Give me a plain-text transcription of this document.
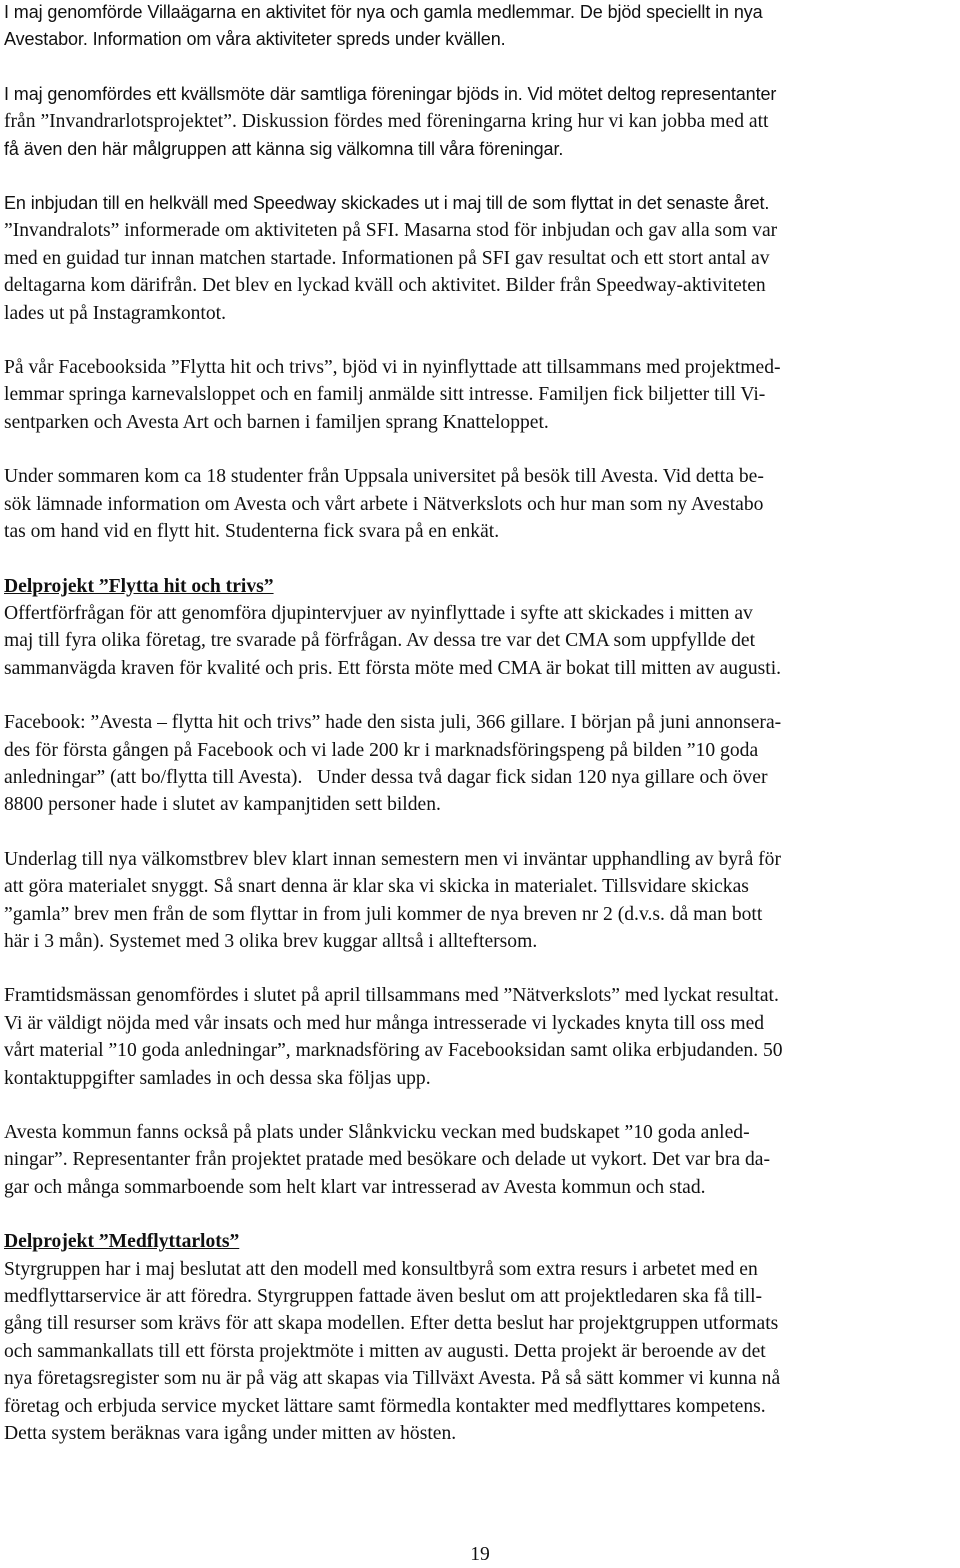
I maj genomförde Villaägarna en aktivitet för nya och gamla medlemmar. De bjöd speciellt in nya
Avestabor. Information om våra aktiviteter spreds under kvällen.

I maj genomfördes ett kvällsmöte där samtliga föreningar bjöds in. Vid mötet deltog representanter
från ”Invandrarlotsprojektet”. Diskussion fördes med föreningarna kring hur vi kan jobba med att
få även den här målgruppen att känna sig välkomna till våra föreningar.

En inbjudan till en helkväll med Speedway skickades ut i maj till de som flyttat in det senaste året.
”Invandralots” informerade om aktiviteten på SFI. Masarna stod för inbjudan och gav alla som var
med en guidad tur innan matchen startade. Informationen på SFI gav resultat och ett stort antal av
deltagarna kom därifrån. Det blev en lyckad kväll och aktivitet. Bilder från Speedway-aktiviteten
lades ut på Instagramkontot.

På vår Facebooksida ”Flytta hit och trivs”, bjöd vi in nyinflyttade att tillsammans med projektmed-
lemmar springa karnevalsloppet och en familj anmälde sitt intresse. Familjen fick biljetter till Vi-
sentparken och Avesta Art och barnen i familjen sprang Knatteloppet.

Under sommaren kom ca 18 studenter från Uppsala universitet på besök till Avesta. Vid detta be-
sök lämnade information om Avesta och vårt arbete i Nätverkslots och hur man som ny Avestabo
tas om hand vid en flytt hit. Studenterna fick svara på en enkät.

Delprojekt ”Flytta hit och trivs”

Offertförfrågan för att genomföra djupintervjuer av nyinflyttade i syfte att skickades i mitten av
maj till fyra olika företag, tre svarade på förfrågan. Av dessa tre var det CMA som uppfyllde det
sammanvägda kraven för kvalité och pris. Ett första möte med CMA är bokat till mitten av augusti.

Facebook: ”Avesta – flytta hit och trivs” hade den sista juli, 366 gillare. I början på juni annonsera-
des för första gången på Facebook och vi lade 200 kr i marknadsföringspeng på bilden ”10 goda
anledningar” (att bo/flytta till Avesta).   Under dessa två dagar fick sidan 120 nya gillare och över
8800 personer hade i slutet av kampanjtiden sett bilden.

Underlag till nya välkomstbrev blev klart innan semestern men vi inväntar upphandling av byrå för
att göra materialet snyggt. Så snart denna är klar ska vi skicka in materialet. Tillsvidare skickas
”gamla” brev men från de som flyttar in from juli kommer de nya breven nr 2 (d.v.s. då man bott
här i 3 mån). Systemet med 3 olika brev kuggar alltså i allteftersom.

Framtidsmässan genomfördes i slutet på april tillsammans med ”Nätverkslots” med lyckat resultat.
Vi är väldigt nöjda med vår insats och med hur många intresserade vi lyckades knyta till oss med
vårt material ”10 goda anledningar”, marknadsföring av Facebooksidan samt olika erbjudanden. 50
kontaktuppgifter samlades in och dessa ska följas upp.

Avesta kommun fanns också på plats under Slånkvicku veckan med budskapet ”10 goda anled-
ningar”. Representanter från projektet pratade med besökare och delade ut vykort. Det var bra da-
gar och många sommarboende som helt klart var intresserad av Avesta kommun och stad.

Delprojekt ”Medflyttarlots”

Styrgruppen har i maj beslutat att den modell med konsultbyrå som extra resurs i arbetet med en
medflyttarservice är att föredra. Styrgruppen fattade även beslut om att projektledaren ska få till-
gång till resurser som krävs för att skapa modellen. Efter detta beslut har projektgruppen utformats
och sammankallats till ett första projektmöte i mitten av augusti. Detta projekt är beroende av det
nya företagsregister som nu är på väg att skapas via Tillväxt Avesta. På så sätt kommer vi kunna nå
företag och erbjuda service mycket lättare samt förmedla kontakter med medflyttares kompetens.
Detta system beräknas vara igång under mitten av hösten.

19
